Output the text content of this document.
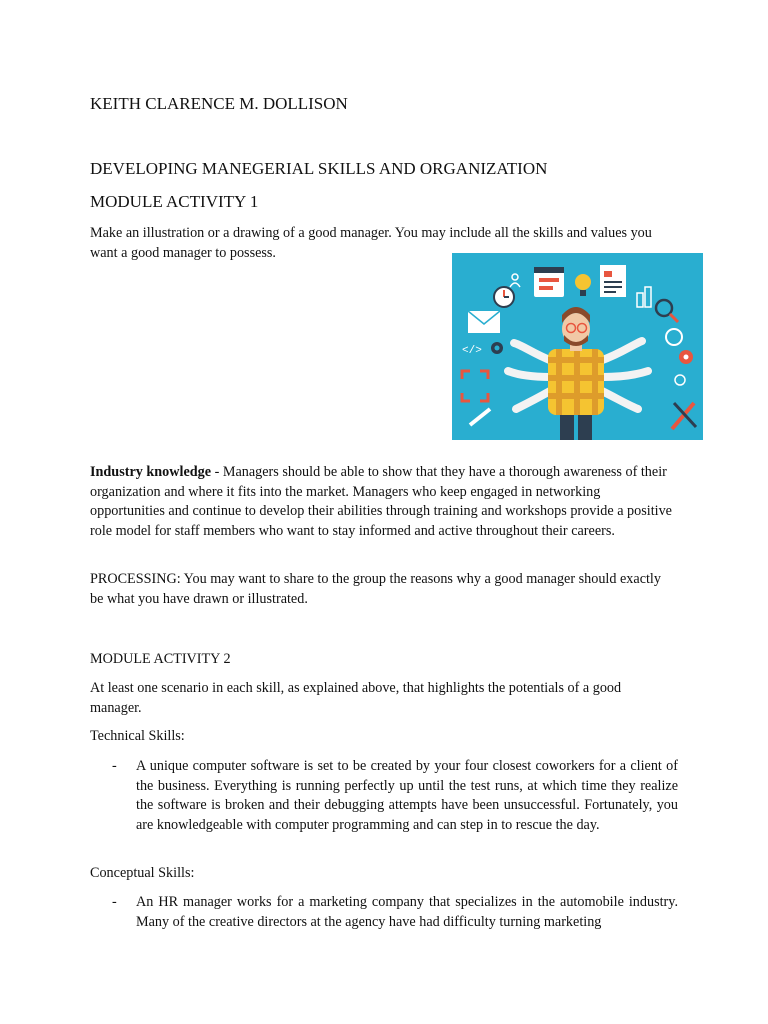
KEITH CLARENCE M. DOLLISON
DEVELOPING MANEGERIAL SKILLS AND ORGANIZATION
MODULE ACTIVITY 1
Make an illustration or a drawing of a good manager. You may include all the skills and values you want a good manager to possess.
Industry knowledge - Managers should be able to show that they have a thorough awareness of their organization and where it fits into the market. Managers who keep engaged in networking opportunities and continue to develop their abilities through training and workshops provide a positive role model for staff members who want to stay informed and active throughout their careers.
PROCESSING: You may want to share to the group the reasons why a good manager should exactly be what you have drawn or illustrated.
MODULE ACTIVITY 2
At least one scenario in each skill, as explained above, that highlights the potentials of a good manager.
Technical Skills:
- A unique computer software is set to be created by your four closest coworkers for a client of the business. Everything is running perfectly up until the test runs, at which time they realize the software is broken and their debugging attempts have been unsuccessful. Fortunately, you are knowledgeable with computer programming and can step in to rescue the day.
Conceptual Skills:
- An HR manager works for a marketing company that specializes in the automobile industry. Many of the creative directors at the agency have had difficulty turning marketing
</>
